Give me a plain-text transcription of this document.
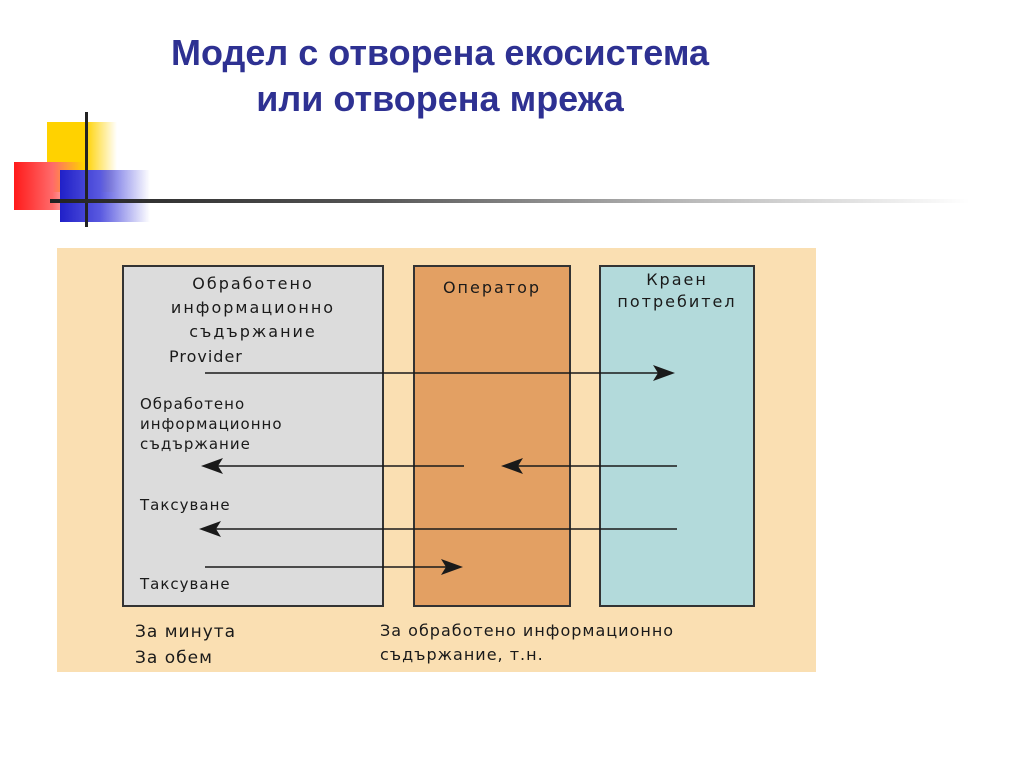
Модел с отворена екосистема
или отворена мрежа
Обработено
информационно
съдържание
Оператор	Краен
потребител
Provider
Обработено
информационно
съдържание
Таксуване
Таксуване
За минута
За обем
За обработено информационно
съдържание, т.н.
